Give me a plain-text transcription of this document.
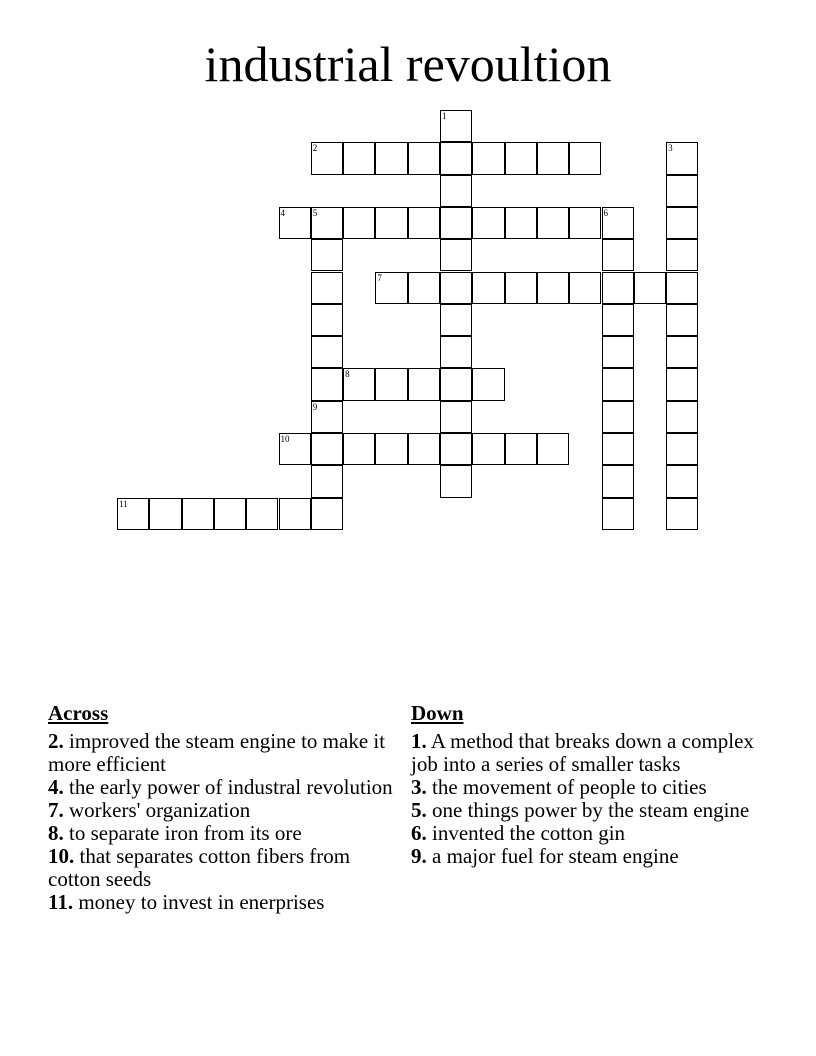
industrial revoultion
1
2	3
4	5	6
7
8
9
10
11
Across
2. improved the steam engine to make it more efficient
4. the early power of industral revolution
7. workers' organization
8. to separate iron from its ore
10. that separates cotton fibers from cotton seeds
11. money to invest in enerprises
Down
1. A method that breaks down a complex job into a series of smaller tasks
3. the movement of people to cities
5. one things power by the steam engine
6. invented the cotton gin
9. a major fuel for steam engine
